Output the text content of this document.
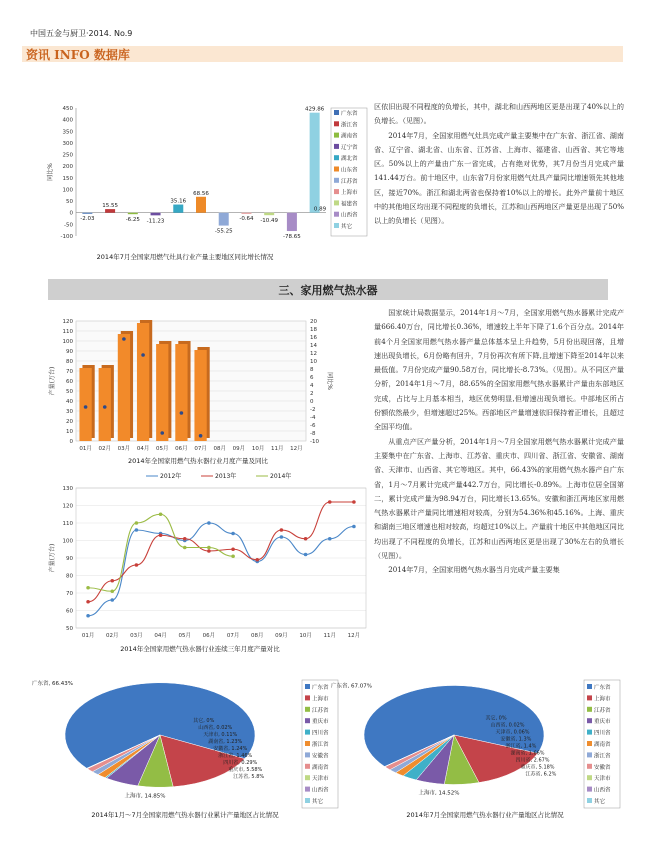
中国五金与厨卫·2014. No.9
资讯 INFO 数据库
450
400
350
300
250
200
150
100
50
0
-50
-100
同比%
-2.03
15.55
-6.25 -11.23
35.16
68.56
-55.25
-0.64 -10.49
-78.65
429.86
0.89
广东省
浙江省
湖南省
辽宁省
湖北省
山东省
江苏省
上海市
福建省
山西省
其它
2014年7月全国家用燃气灶具行业产量主要地区同比增长情况

区依旧出现不同程度的负增长，其中，湖北和山西两地区更是出现了40%以上的负增长。（见图）。

2014年7月，全国家用燃气灶具完成产量主要集中在广东省、浙江省、湖南省、辽宁省、湖北省、山东省、江苏省、上海市、福建省、山西省、其它等地区。50%以上的产量由广东一省完成，占有绝对优势，其7月份当月完成产量141.44万台。前十地区中，山东省7月份家用燃气灶具产量同比增速领先其他地区，接近70%。浙江和湖北两省也保持着10%以上的增长。此外产量前十地区中的其他地区均出现不同程度的负增长，江苏和山西两地区产量更是出现了50%以上的负增长（见图）。

三、家用燃气热水器
120
110
100
90
80
70
60
50
40
30
20
10
0
20
18
16
14
12
10
8
6
4
2
0
-2
-4
-6
-8
-10
产量(万台)	同比%
01月 02月 03月 04月 05月 06月 07月 08月 09月 10月 11月 12月
2014年全国家用燃气热水器行业月度产量及同比
2012年	2013年	2014年
130
120
110
100
90
80
70
60
50
产量(万台)
01月 02月 03月 04月 05月 06月 07月 08月 09月 10月 11月 12月
2014年全国家用燃气热水器行业连续三年月度产量对比

国家统计局数据显示，2014年1月～7月，全国家用燃气热水器累计完成产量666.40万台，同比增长0.36%，增速较上半年下降了1.6个百分点。2014年前4个月全国家用燃气热水器产量总体基本呈上升趋势，5月份出现回落，且增速出现负增长，6月份略有回升，7月份再次有所下降,且增速下降至2014年以来最低值。7月份完成产量90.58万台，同比增长-8.73%。（见图）。从不同区产量分析，2014年1月～7月，88.65%的全国家用燃气热水器累计产量由东部地区完成，占比与上月基本相当，地区优势明显,但增速出现负增长。中部地区所占份额依然最少，但增速超过25%。西部地区产量增速依旧保持着正增长，且超过全国平均值。

从重点产区产量分析，2014年1月～7月全国家用燃气热水器累计完成产量主要集中在广东省、上海市、江苏省、重庆市、四川省、浙江省、安徽省、湖南省、天津市、山西省、其它等地区。其中，66.43%的家用燃气热水器产自广东省，1月～7月累计完成产量442.7万台，同比增长-0.89%。上海市位居全国第二，累计完成产量为98.94万台，同比增长13.65%。安徽和浙江两地区家用燃气热水器累计产量同比增速相对较高，分别为54.36%和45.16%。上海、重庆和湖南三地区增速也相对较高，均超过10%以上。产量前十地区中其他地区同比均出现了不同程度的负增长，江苏和山西两地区更是出现了30%左右的负增长（见图）。

2014年7月，全国家用燃气热水器当月完成产量主要集

广东省, 66.43%
上海市, 14.85%
江苏省, 5.8%
重庆市, 5.58%
四川省, 0.29%
浙江省, 1.46%
安徽省, 1.24%
湖南省, 1.23%
天津市, 0.11%
山西省, 0.02%
其它, 0%
广东省
上海市
江苏省
重庆市
四川省
浙江省
安徽省
湖南省
天津市
山西省
其它
2014年1月～7月全国家用燃气热水器行业累计产量地区占比情况
广东省, 67.07%
上海市, 14.52%
江苏省, 6.2%
重庆市, 5.18%
四川省, 2.67%
湖南省, 1.66%
浙江省, 1.4%
安徽省, 1.3%
天津市, 0.06%
山西省, 0.02%
其它, 0%
广东省
上海市
江苏省
重庆市
四川省
湖南省
浙江省
安徽省
天津市
山西省
其它
2014年7月全国家用燃气热水器行业产量地区占比情况
